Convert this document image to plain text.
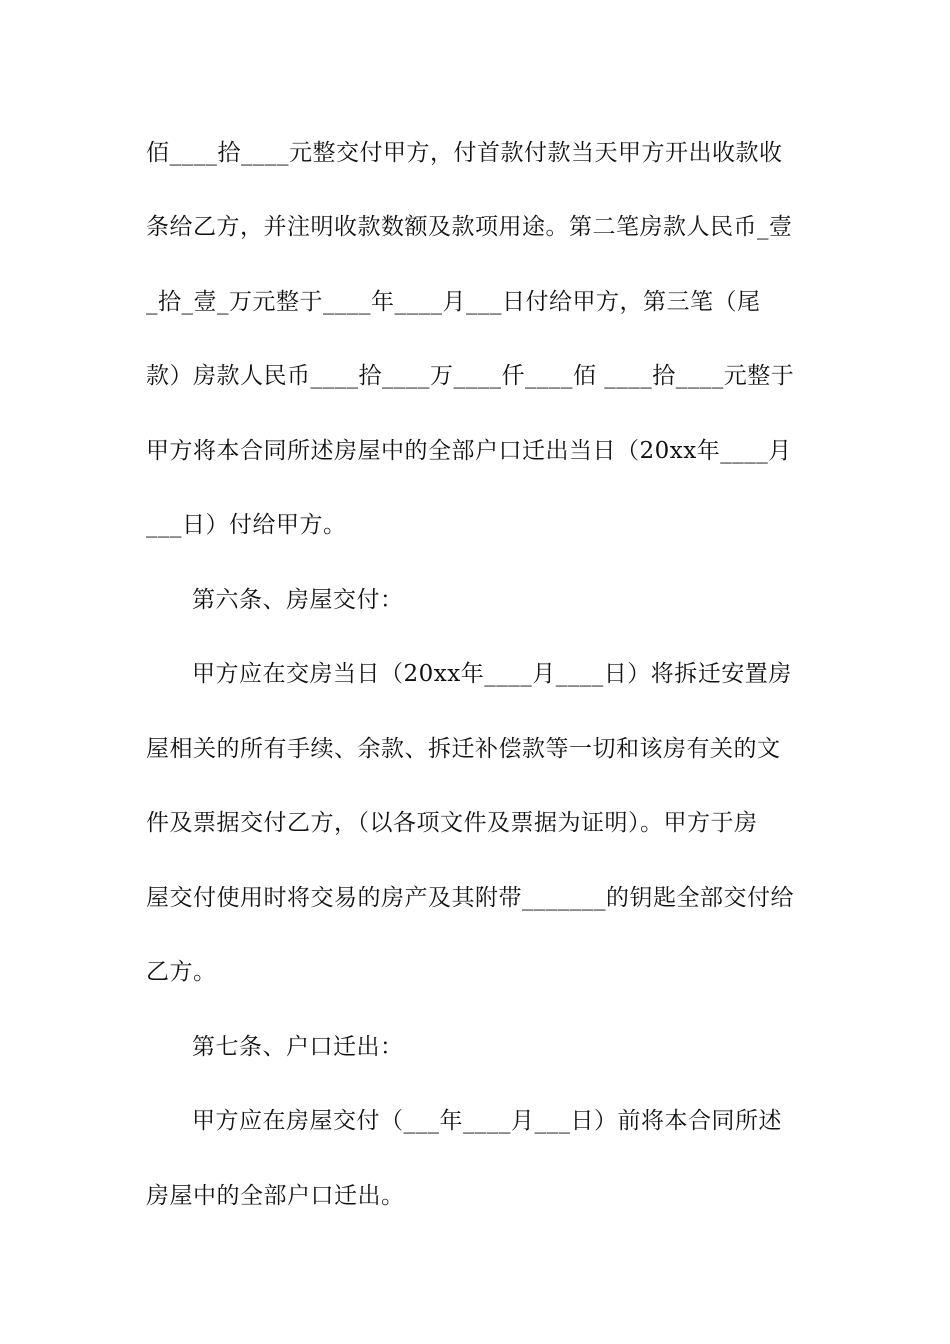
佰____拾____元整交付甲方，付首款付款当天甲方开出收款收
条给乙方，并注明收款数额及款项用途。第二笔房款人民币_壹
_拾_壹_万元整于____年____月___日付给甲方，第三笔（尾
款）房款人民币____拾____万____仟____佰 ____拾____元整于
甲方将本合同所述房屋中的全部户口迁出当日（20xx年____月
___日）付给甲方。
第六条、房屋交付：
甲方应在交房当日（20xx年____月____日）将拆迁安置房
屋相关的所有手续、余款、拆迁补偿款等一切和该房有关的文
件及票据交付乙方，（以各项文件及票据为证明）。甲方于房
屋交付使用时将交易的房产及其附带_______的钥匙全部交付给
乙方。
第七条、户口迁出：
甲方应在房屋交付（___年____月___日）前将本合同所述
房屋中的全部户口迁出。
